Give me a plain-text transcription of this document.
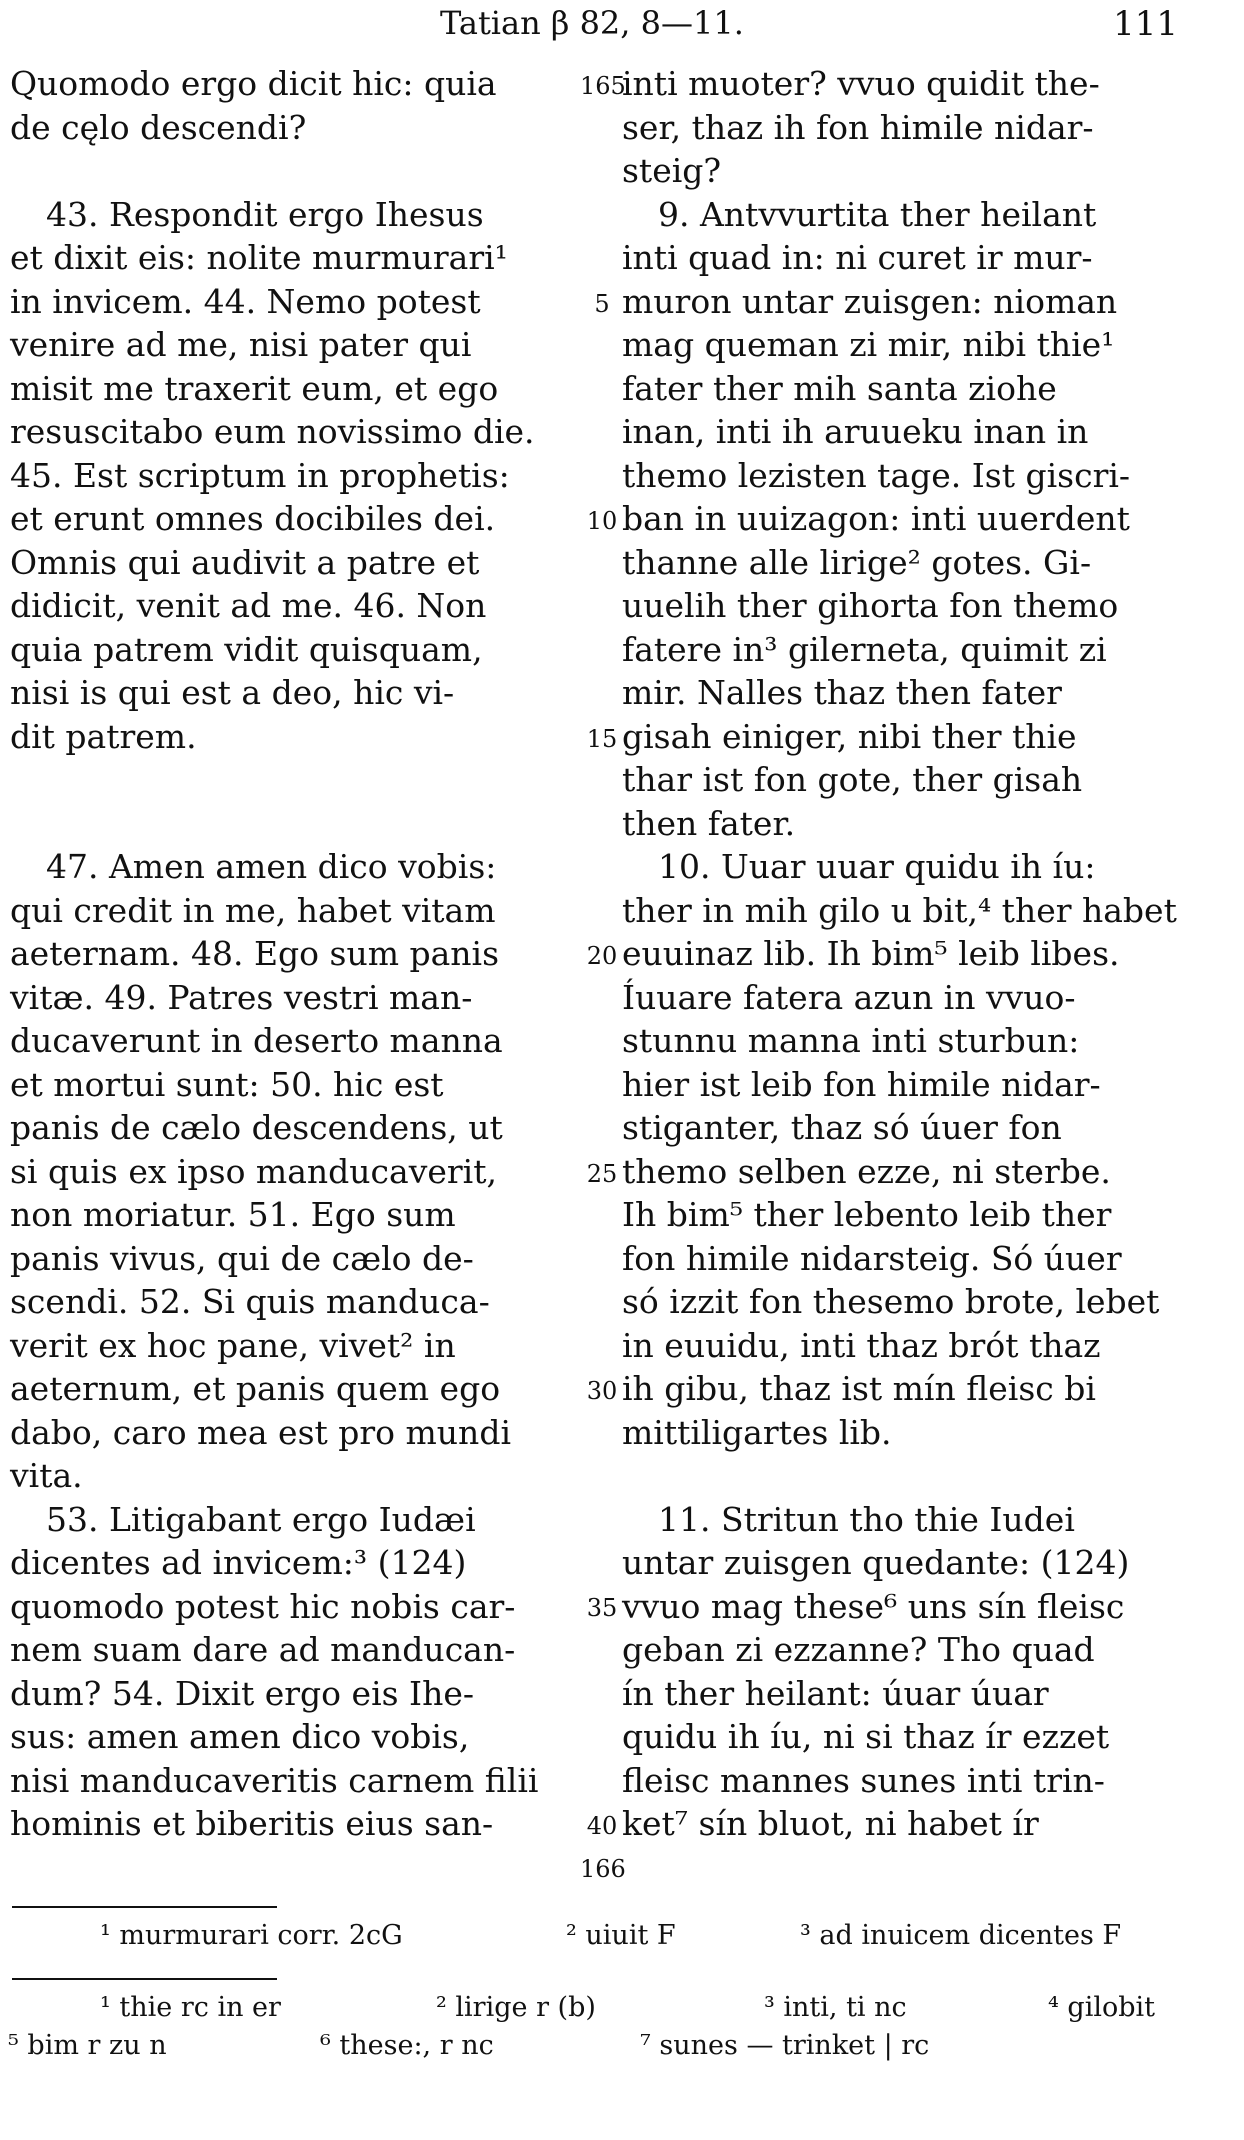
Tatian β 82, 8—11.	111
Quomodo ergo dicit hic: quia
de cęlo descendi?
43. Respondit ergo Ihesus
et dixit eis: nolite murmurari¹
in invicem. 44. Nemo potest
venire ad me, nisi pater qui
misit me traxerit eum, et ego
resuscitabo eum novissimo die.
45. Est scriptum in prophetis:
et erunt omnes docibiles dei.
Omnis qui audivit a patre et
didicit, venit ad me. 46. Non
quia patrem vidit quisquam,
nisi is qui est a deo, hic vi-
dit patrem.
47. Amen amen dico vobis:
qui credit in me, habet vitam
aeternam. 48. Ego sum panis
vitæ. 49. Patres vestri man-
ducaverunt in deserto manna
et mortui sunt: 50. hic est
panis de cælo descendens, ut
si quis ex ipso manducaverit,
non moriatur. 51. Ego sum
panis vivus, qui de cælo de-
scendi. 52. Si quis manduca-
verit ex hoc pane, vivet² in
aeternum, et panis quem ego
dabo, caro mea est pro mundi
vita.
53. Litigabant ergo Iudæi
dicentes ad invicem:³ (124)
quomodo potest hic nobis car-
nem suam dare ad manducan-
dum? 54. Dixit ergo eis Ihe-
sus: amen amen dico vobis,
nisi manducaveritis carnem filii
hominis et biberitis eius san-
inti muoter? vvuo quidit the-
ser, thaz ih fon himile nidar-
steig?
9. Antvvurtita ther heilant
inti quad in: ni curet ir mur-
muron untar zuisgen: nioman
mag queman zi mir, nibi thie¹
fater ther mih santa ziohe
inan, inti ih aruueku inan in
themo lezisten tage. Ist giscri-
ban in uuizagon: inti uuerdent
thanne alle lirige² gotes. Gi-
uuelih ther gihorta fon themo
fatere in³ gilerneta, quimit zi
mir. Nalles thaz then fater
gisah einiger, nibi ther thie
thar ist fon gote, ther gisah
then fater.
10. Uuar uuar quidu ih íu:
ther in mih gilo u bit,⁴ ther habet
euuinaz lib. Ih bim⁵ leib libes.
Íuuare fatera azun in vvuo-
stunnu manna inti sturbun:
hier ist leib fon himile nidar-
stiganter, thaz só úuer fon
themo selben ezze, ni sterbe.
Ih bim⁵ ther lebento leib ther
fon himile nidarsteig. Só úuer
só izzit fon thesemo brote, lebet
in euuidu, inti thaz brót thaz
ih gibu, thaz ist mín fleisc bi
mittiligartes lib.
11. Stritun tho thie Iudei
untar zuisgen quedante: (124)
vvuo mag these⁶ uns sín fleisc
geban zi ezzanne? Tho quad
ín ther heilant: úuar úuar
quidu ih íu, ni si thaz ír ezzet
fleisc mannes sunes inti trin-
ket⁷ sín bluot, ni habet ír
165
5
10
15
20
25
30
35
40
166
¹ murmurari corr. 2cG	² uiuit F	³ ad inuicem dicentes F
¹ thie rc in er	² lirige r (b)	³ inti, ti nc	⁴ gilobit
⁵ bim r zu n	⁶ these:, r nc	⁷ sunes — trinket | rc
